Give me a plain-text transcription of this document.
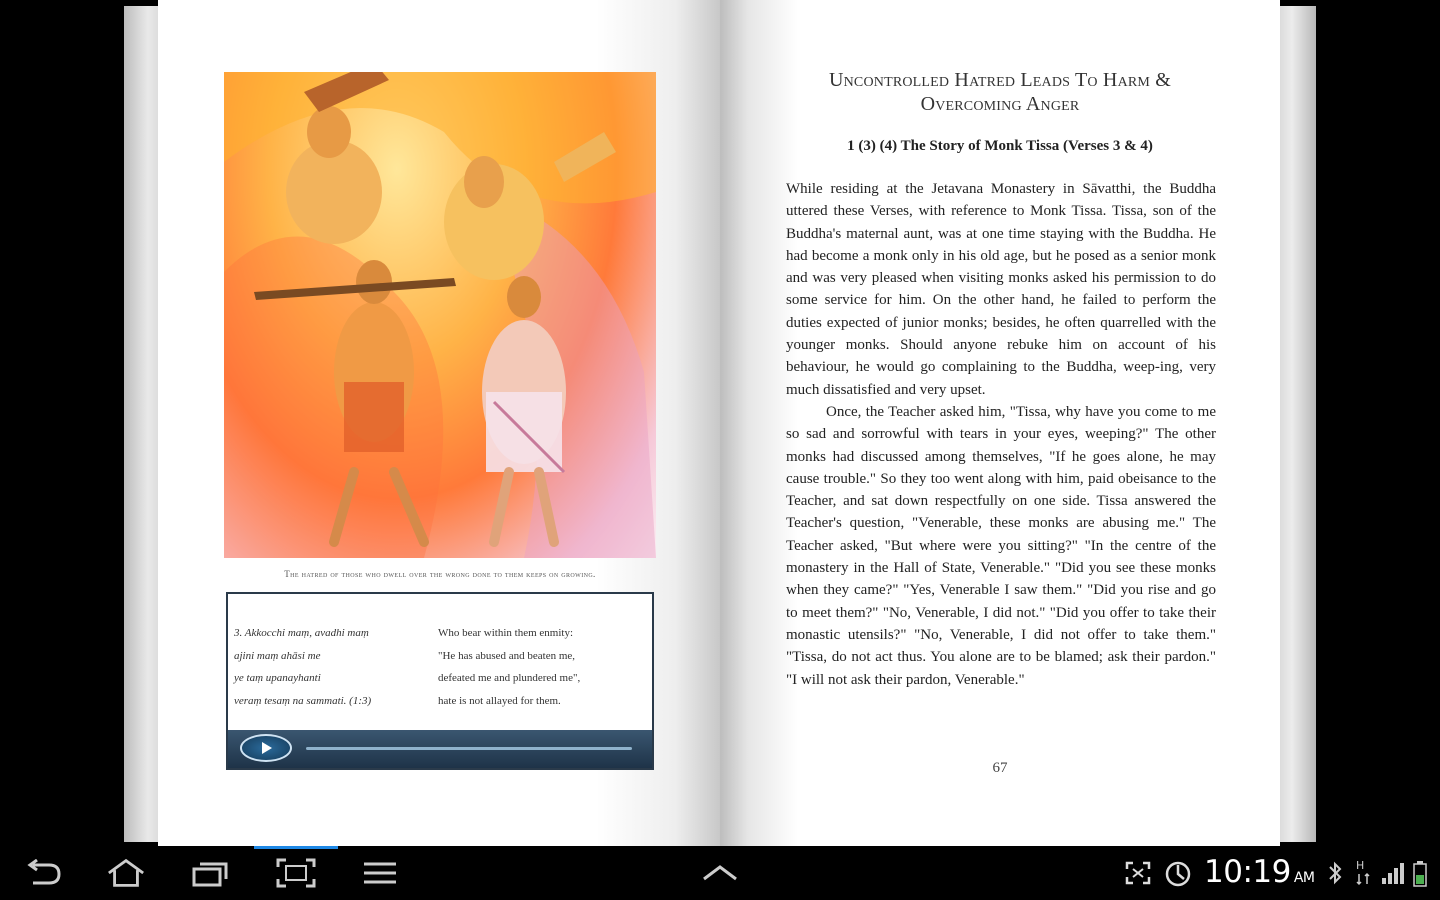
The hatred of those who dwell over the wrong done to them keeps on growing.
3. Akkocchi maṃ, avadhi maṃ	Who bear within them enmity:
ajini maṃ ahāsi me	"He has abused and beaten me,
ye taṃ upanayhanti	defeated me and plundered me",
veraṃ tesaṃ na sammati. (1:3)	hate is not allayed for them.
Uncontrolled Hatred Leads To Harm &
Overcoming Anger
1 (3) (4) The Story of Monk Tissa (Verses 3 & 4)

While residing at the Jetavana Monastery in Sāvatthi, the Buddha uttered these Verses, with reference to Monk Tissa. Tissa, son of the Buddha's maternal aunt, was at one time staying with the Buddha. He had become a monk only in his old age, but he posed as a senior monk and was very pleased when visiting monks asked his permission to do some service for him. On the other hand, he failed to perform the duties expected of junior monks; besides, he often quarrelled with the younger monks. Should anyone rebuke him on account of his behaviour, he would go complaining to the Buddha, weep-ing, very much dissatisfied and very upset.

Once, the Teacher asked him, "Tissa, why have you come to me so sad and sorrowful with tears in your eyes, weeping?" The other monks had discussed among themselves, "If he goes alone, he may cause trouble." So they too went along with him, paid obeisance to the Teacher, and sat down respectfully on one side. Tissa answered the Teacher's question, "Venerable, these monks are abusing me." The Teacher asked, "But where were you sitting?" "In the centre of the monastery in the Hall of State, Venerable." "Did you see these monks when they came?" "Yes, Venerable I saw them." "Did you rise and go to meet them?" "No, Venerable, I did not." "Did you offer to take their monastic utensils?" "No, Venerable, I did not offer to take them." "Tissa, do not act thus. You alone are to be blamed; ask their pardon." "I will not ask their pardon, Venerable."

67
10:19 AM
H
